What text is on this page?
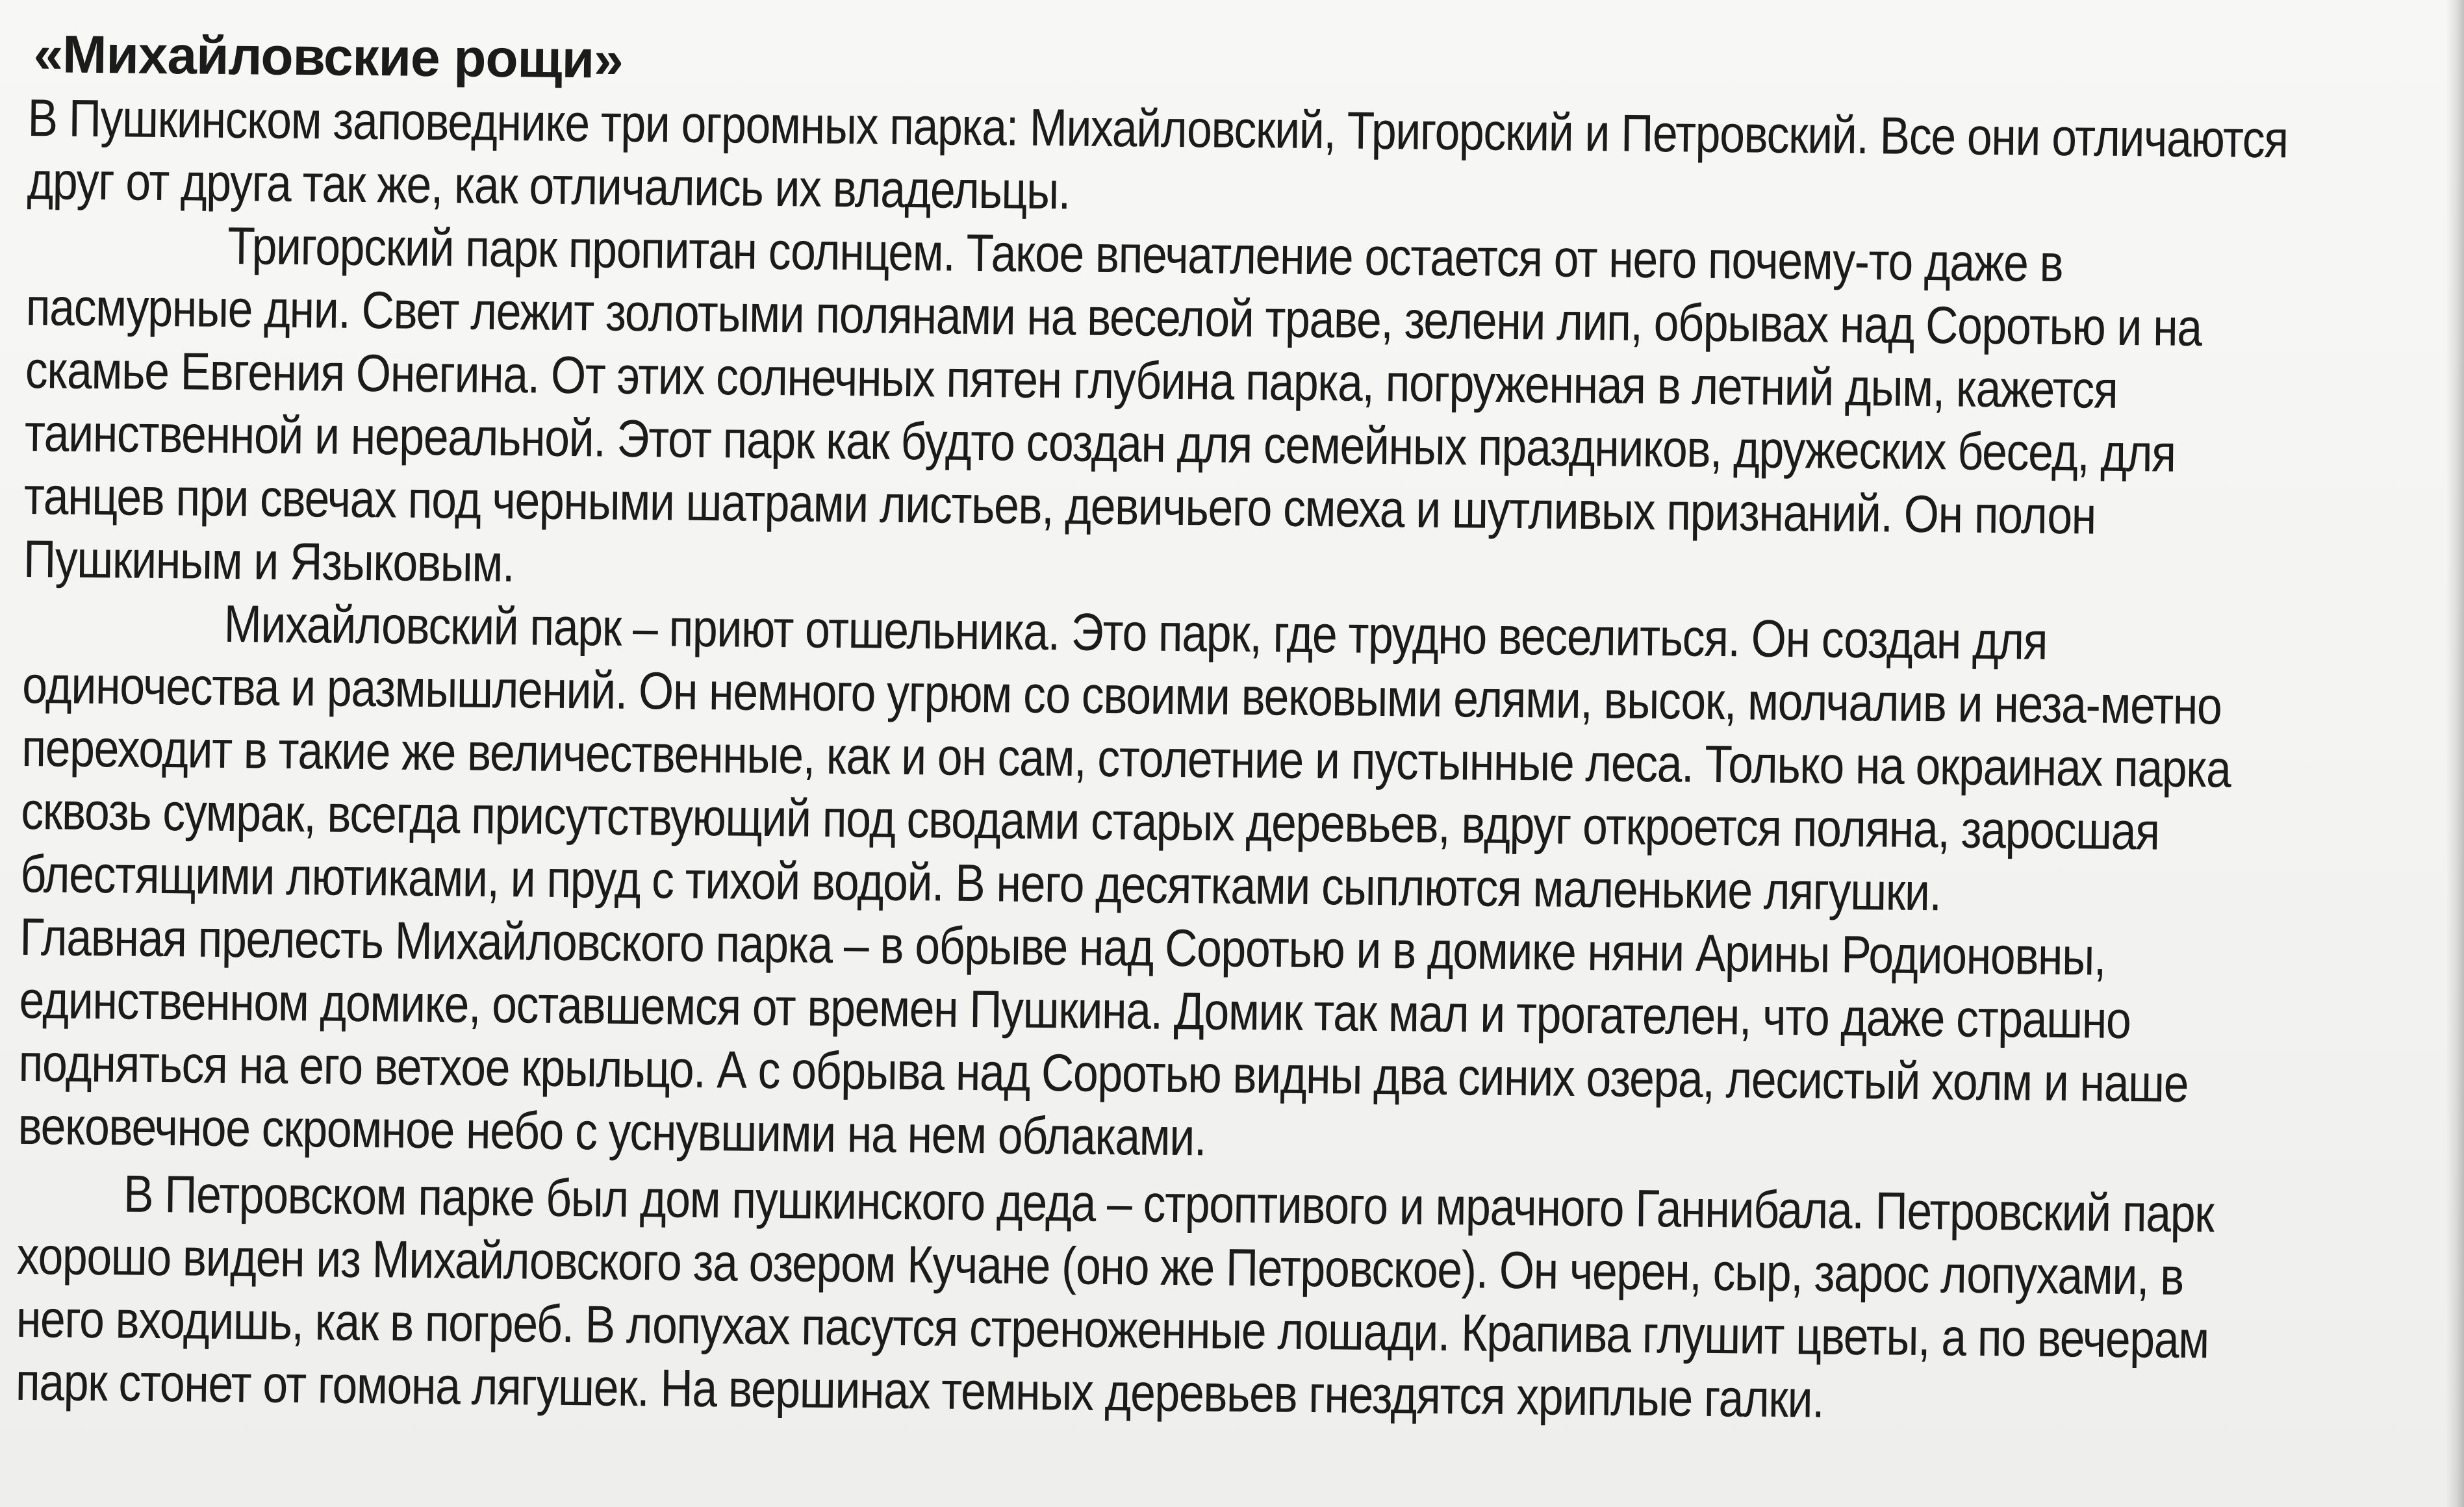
«Михайловские рощи»
В Пушкинском заповеднике три огромных парка: Михайловский, Тригорский и Петровский. Все они отличаются
друг от друга так же, как отличались их владельцы.
Тригорский парк пропитан солнцем. Такое впечатление остается от него почему-то даже в
пасмурные дни. Свет лежит золотыми полянами на веселой траве, зелени лип, обрывах над Соротью и на
скамье Евгения Онегина. От этих солнечных пятен глубина парка, погруженная в летний дым, кажется
таинственной и нереальной. Этот парк как будто создан для семейных праздников, дружеских бесед, для
танцев при свечах под черными шатрами листьев, девичьего смеха и шутливых признаний. Он полон
Пушкиным и Языковым.
Михайловский парк – приют отшельника. Это парк, где трудно веселиться. Он создан для
одиночества и размышлений. Он немного угрюм со своими вековыми елями, высок, молчалив и неза-метно
переходит в такие же величественные, как и он сам, столетние и пустынные леса. Только на окраинах парка
сквозь сумрак, всегда присутствующий под сводами старых деревьев, вдруг откроется поляна, заросшая
блестящими лютиками, и пруд с тихой водой. В него десятками сыплются маленькие лягушки.
Главная прелесть Михайловского парка – в обрыве над Соротью и в домике няни Арины Родионовны,
единственном домике, оставшемся от времен Пушкина. Домик так мал и трогателен, что даже страшно
подняться на его ветхое крыльцо. А с обрыва над Соротью видны два синих озера, лесистый холм и наше
вековечное скромное небо с уснувшими на нем облаками.
В Петровском парке был дом пушкинского деда – строптивого и мрачного Ганнибала. Петровский парк
хорошо виден из Михайловского за озером Кучане (оно же Петровское). Он черен, сыр, зарос лопухами, в
него входишь, как в погреб. В лопухах пасутся стреноженные лошади. Крапива глушит цветы, а по вечерам
парк стонет от гомона лягушек. На вершинах темных деревьев гнездятся хриплые галки.
